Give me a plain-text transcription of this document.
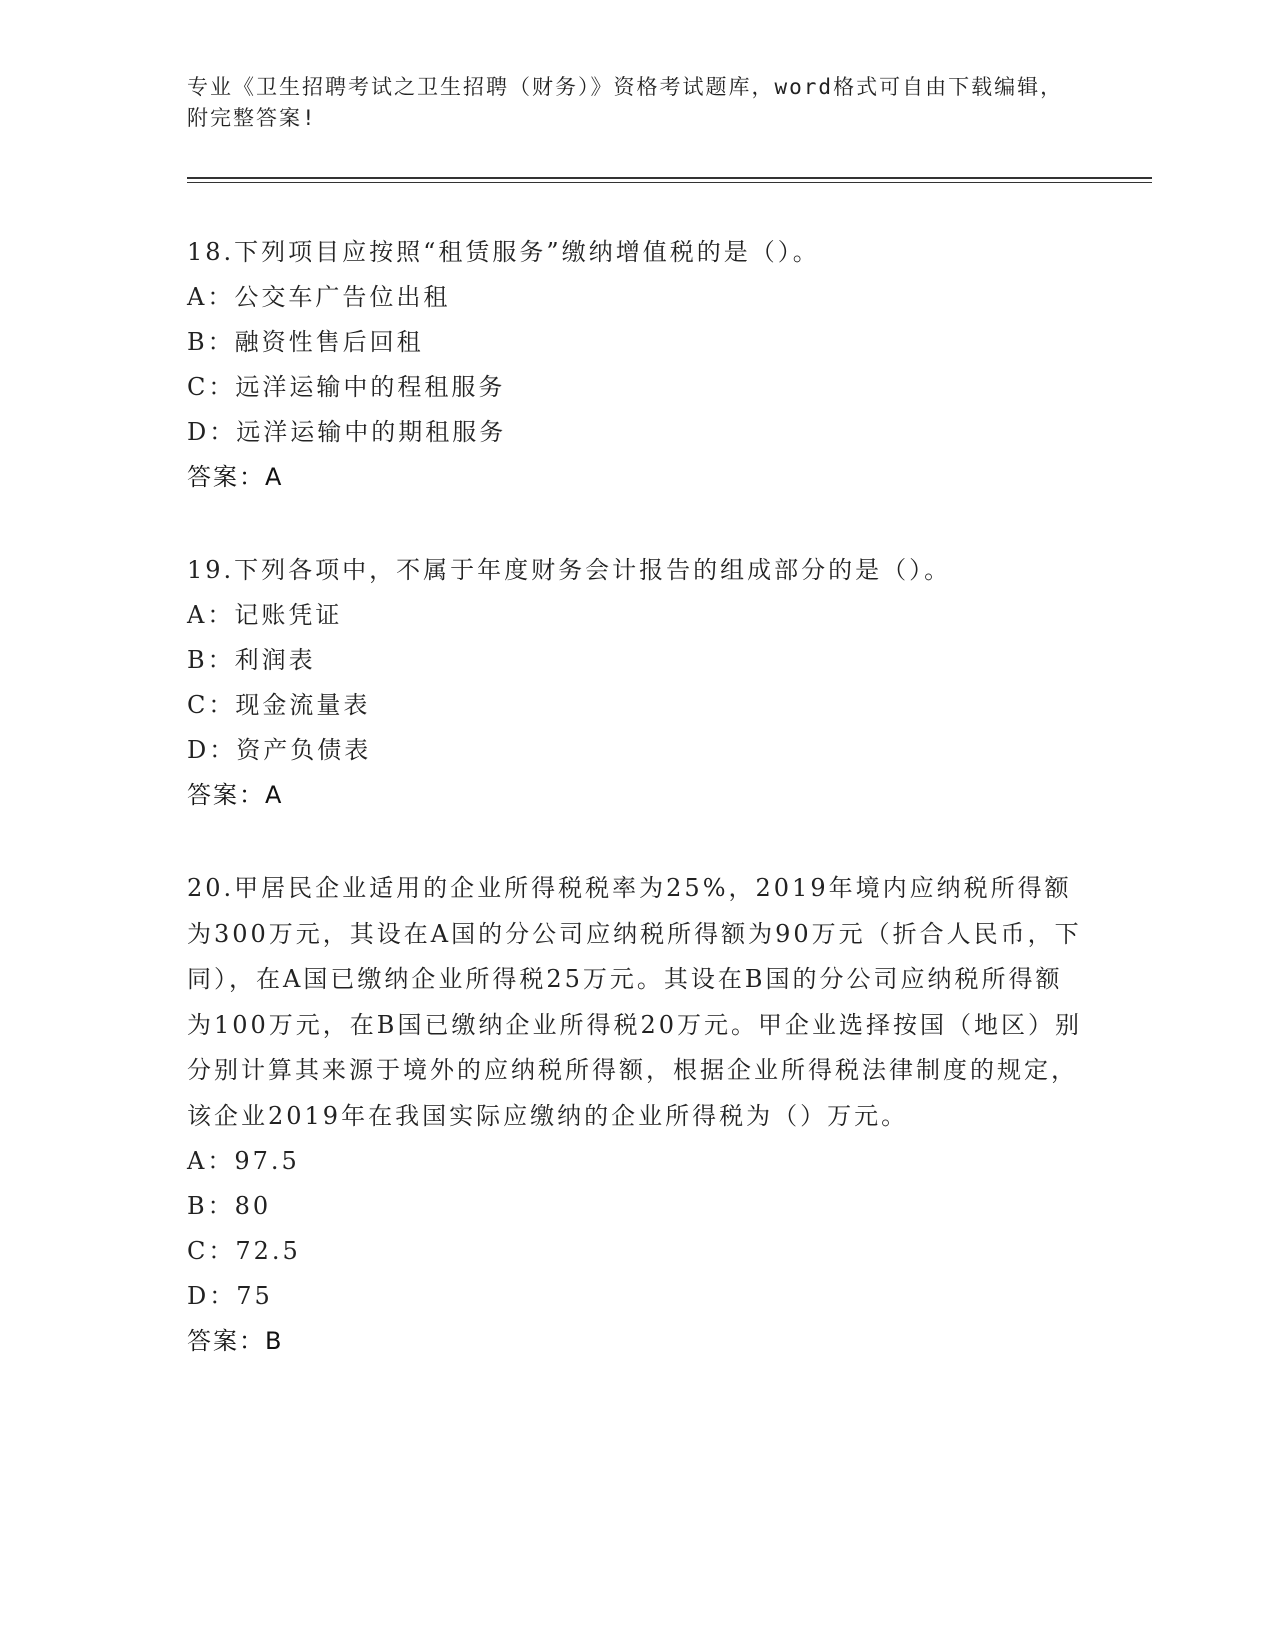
专业《卫生招聘考试之卫生招聘（财务）》资格考试题库，word格式可自由下载编辑，附完整答案!

18.下列项目应按照“租赁服务”缴纳增值税的是（）。

A：公交车广告位出租

B：融资性售后回租

C：远洋运输中的程租服务

D：远洋运输中的期租服务

答案：A

19.下列各项中，不属于年度财务会计报告的组成部分的是（）。

A：记账凭证

B：利润表

C：现金流量表

D：资产负债表

答案：A

20.甲居民企业适用的企业所得税税率为25%，2019年境内应纳税所得额为300万元，其设在A国的分公司应纳税所得额为90万元（折合人民币，下同），在A国已缴纳企业所得税25万元。其设在B国的分公司应纳税所得额为100万元，在B国已缴纳企业所得税20万元。甲企业选择按国（地区）别分别计算其来源于境外的应纳税所得额，根据企业所得税法律制度的规定，该企业2019年在我国实际应缴纳的企业所得税为（）万元。

A：97.5

B：80

C：72.5

D：75

答案：B
